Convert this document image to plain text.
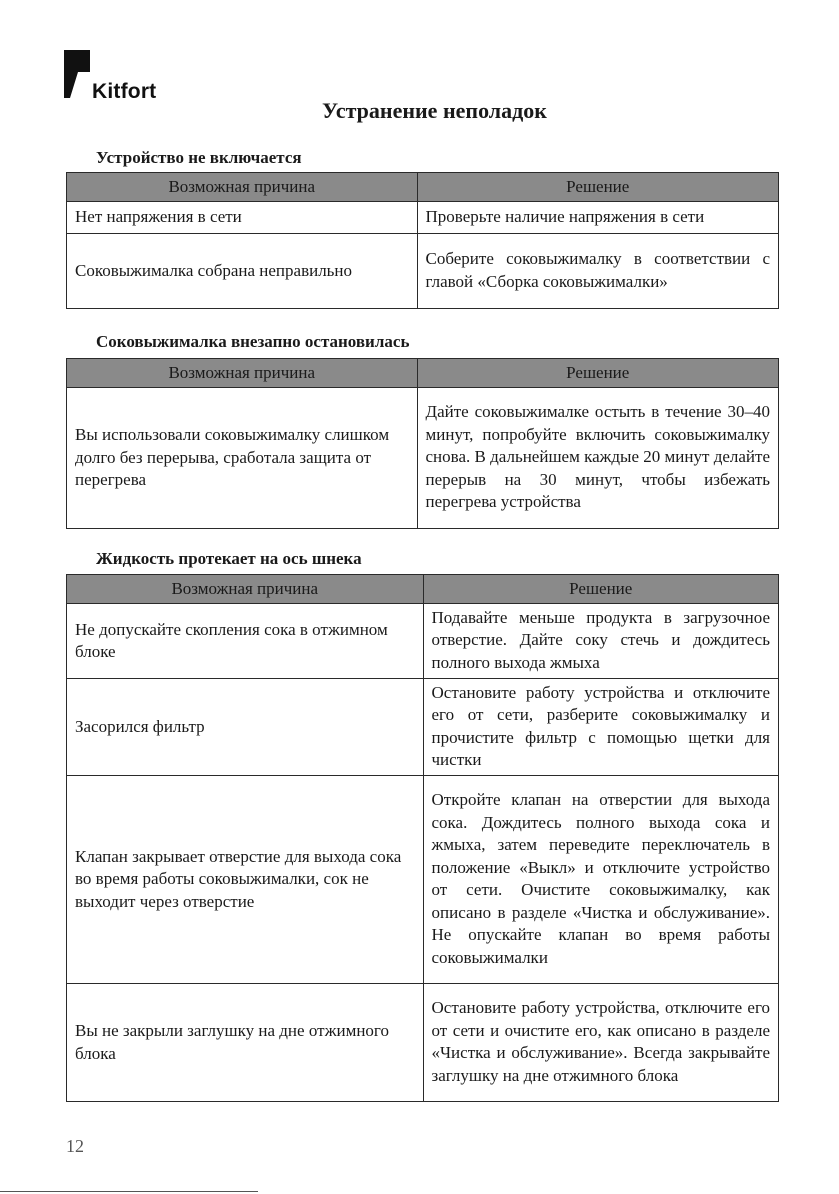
Kitfort
Устранение неполадок
Устройство не включается
Возможная причина	Решение
Нет напряжения в сети	Проверьте наличие напряжения в сети
Соковыжималка собрана неправильно	Соберите соковыжималку в соответствии с главой «Сборка соковыжималки»
Соковыжималка внезапно остановилась
Возможная причина	Решение
Вы использовали соковыжималку слишком долго без перерыва, сработала защита от перегрева	Дайте соковыжималке остыть в течение 30–40 минут, попробуйте включить соковыжималку снова. В дальнейшем каждые 20 минут делайте перерыв на 30 минут, чтобы избежать перегрева устройства
Жидкость протекает на ось шнека
Возможная причина	Решение
Не допускайте скопления сока в отжимном блоке	Подавайте меньше продукта в загрузочное отверстие. Дайте соку стечь и дождитесь полного выхода жмыха
Засорился фильтр	Остановите работу устройства и отключите его от сети, разберите соковыжималку и прочистите фильтр с помощью щетки для чистки
Клапан закрывает отверстие для выхода сока во время работы соковыжималки, сок не выходит через отверстие	Откройте клапан на отверстии для выхода сока. Дождитесь полного выхода сока и жмыха, затем переведите переключатель в положение «Выкл» и отключите устройство от сети. Очистите соковыжималку, как описано в разделе «Чистка и обслуживание». Не опускайте клапан во время работы соковыжималки
Вы не закрыли заглушку на дне отжимного блока	Остановите работу устройства, отключите его от сети и очистите его, как описано в разделе «Чистка и обслуживание». Всегда закрывайте заглушку на дне отжимного блока
12
